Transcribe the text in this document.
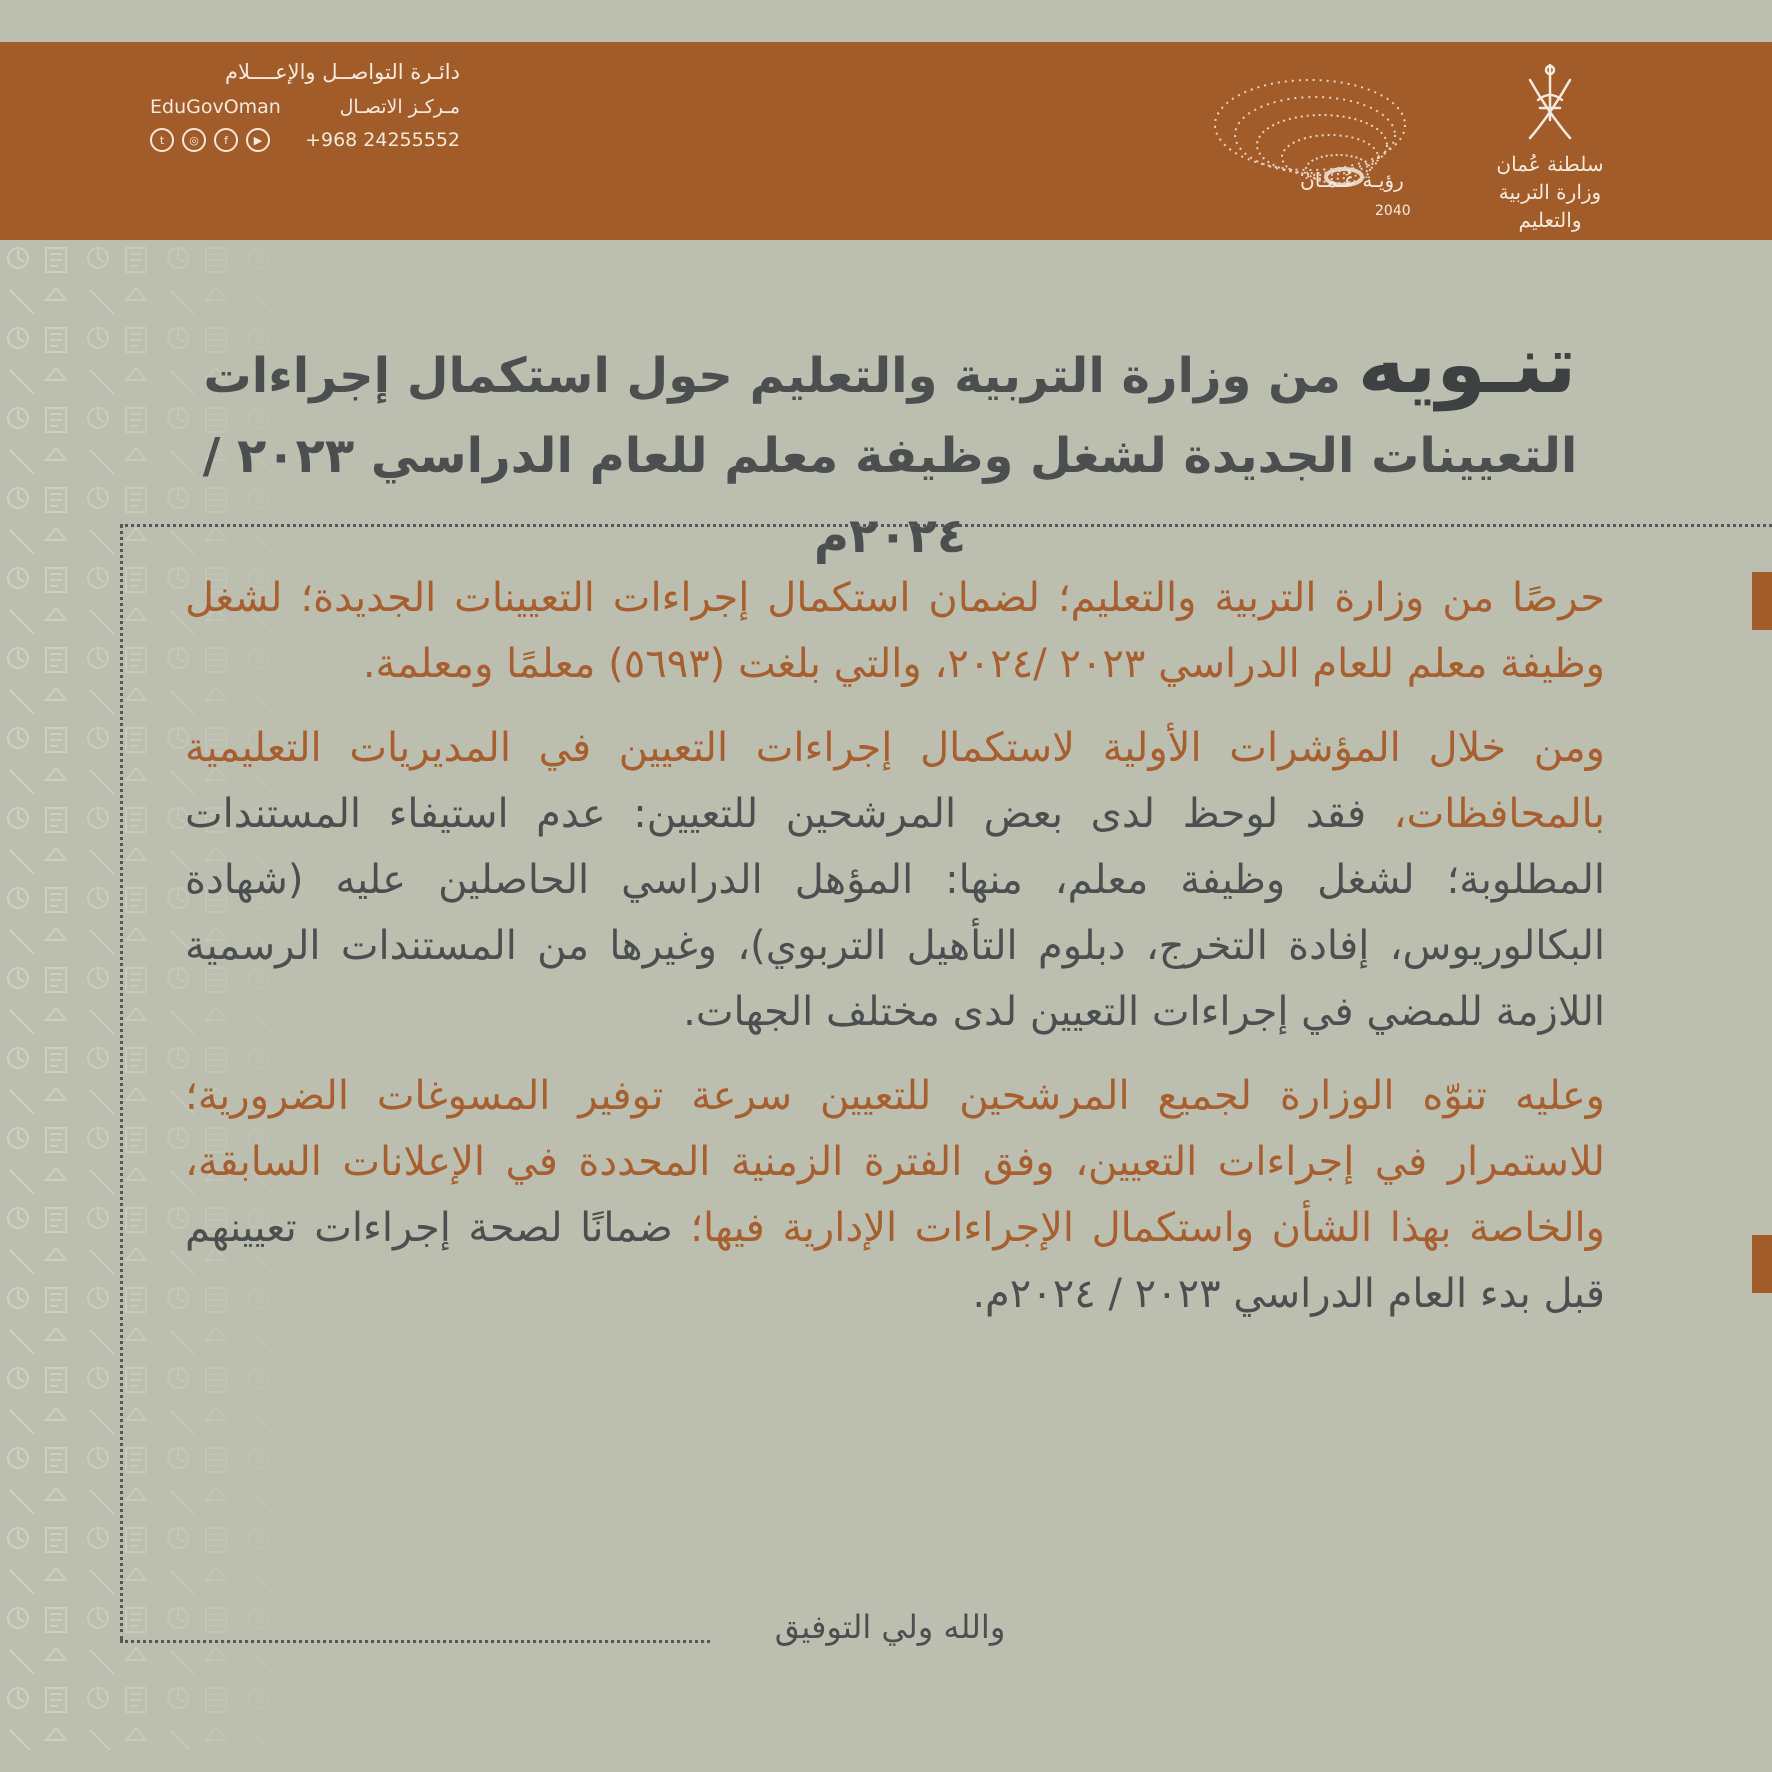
دائـرة التواصــل والإعــــلام
EduGovOman	مـركـز الاتصـال
t	◎	f	▶	+968 24255552
2040
رؤيـة عُـمـان
سلطنة عُمان
وزارة التربية والتعليم
تنـويه من وزارة التربية والتعليم حول استكمال إجراءات
التعيينات الجديدة لشغل وظيفة معلم للعام الدراسي ٢٠٢٣ / ٢٠٢٤م

حرصًا من وزارة التربية والتعليم؛ لضمان استكمال إجراءات التعيينات الجديدة؛ لشغل وظيفة معلم للعام الدراسي ٢٠٢٣ /٢٠٢٤، والتي بلغت (٥٦٩٣) معلمًا ومعلمة.

ومن خلال المؤشرات الأولية لاستكمال إجراءات التعيين في المديريات التعليمية بالمحافظات، فقد لوحظ لدى بعض المرشحين للتعيين: عدم استيفاء المستندات المطلوبة؛ لشغل وظيفة معلم، منها: المؤهل الدراسي الحاصلين عليه (شهادة البكالوريوس، إفادة التخرج، دبلوم التأهيل التربوي)، وغيرها من المستندات الرسمية اللازمة للمضي في إجراءات التعيين لدى مختلف الجهات.

وعليه تنوّه الوزارة لجميع المرشحين للتعيين سرعة توفير المسوغات الضرورية؛ للاستمرار في إجراءات التعيين، وفق الفترة الزمنية المحددة في الإعلانات السابقة، والخاصة بهذا الشأن واستكمال الإجراءات الإدارية فيها؛ ضمانًا لصحة إجراءات تعيينهم قبل بدء العام الدراسي ٢٠٢٣ / ٢٠٢٤م.

والله ولي التوفيق
